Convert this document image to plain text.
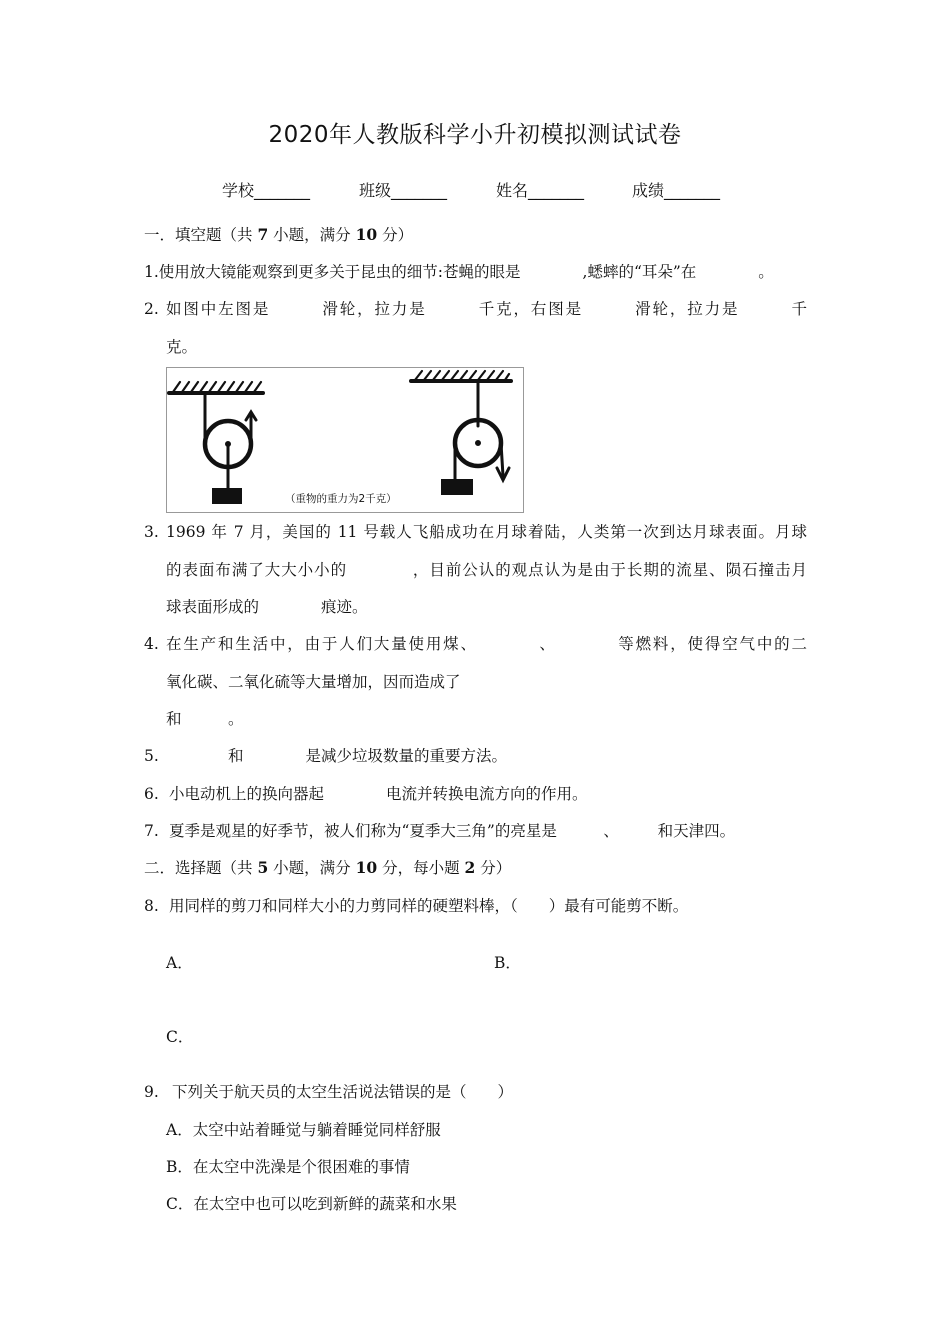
2020年人教版科学小升初模拟测试试卷
学校_______	班级_______	姓名_______	成绩_______
一．填空题（共 7 小题，满分 10 分）
1.使用放大镜能观察到更多关于昆虫的细节:苍蝇的眼是　　　　,蟋蟀的“耳朵”在　　　　。
2. 如图中左图是　　　滑轮，拉力是　　　千克，右图是　　　滑轮，拉力是　　　千
克。
（重物的重力为2千克）
3. 1969 年 7 月，美国的 11 号载人飞船成功在月球着陆，人类第一次到达月球表面。月球
的表面布满了大大小小的　　　　，目前公认的观点认为是由于长期的流星、陨石撞击月
球表面形成的　　　　痕迹。
4. 在生产和生活中，由于人们大量使用煤、　　　　、　　　　等燃料，使得空气中的二
氧化碳、二氧化硫等大量增加，因而造成了
和　　　。
5. 　　　　和　　　　是减少垃圾数量的重要方法。
6. 小电动机上的换向器起　　　　电流并转换电流方向的作用。
7. 夏季是观星的好季节，被人们称为“夏季大三角”的亮星是　　　、　　　和天津四。
二．选择题（共 5 小题，满分 10 分，每小题 2 分）
8. 用同样的剪刀和同样大小的力剪同样的硬塑料棒，（　　）最有可能剪不断。
A．	B．
C．
9. 下列关于航天员的太空生活说法错误的是（　　）
A．太空中站着睡觉与躺着睡觉同样舒服
B．在太空中洗澡是个很困难的事情
C．在太空中也可以吃到新鲜的蔬菜和水果
